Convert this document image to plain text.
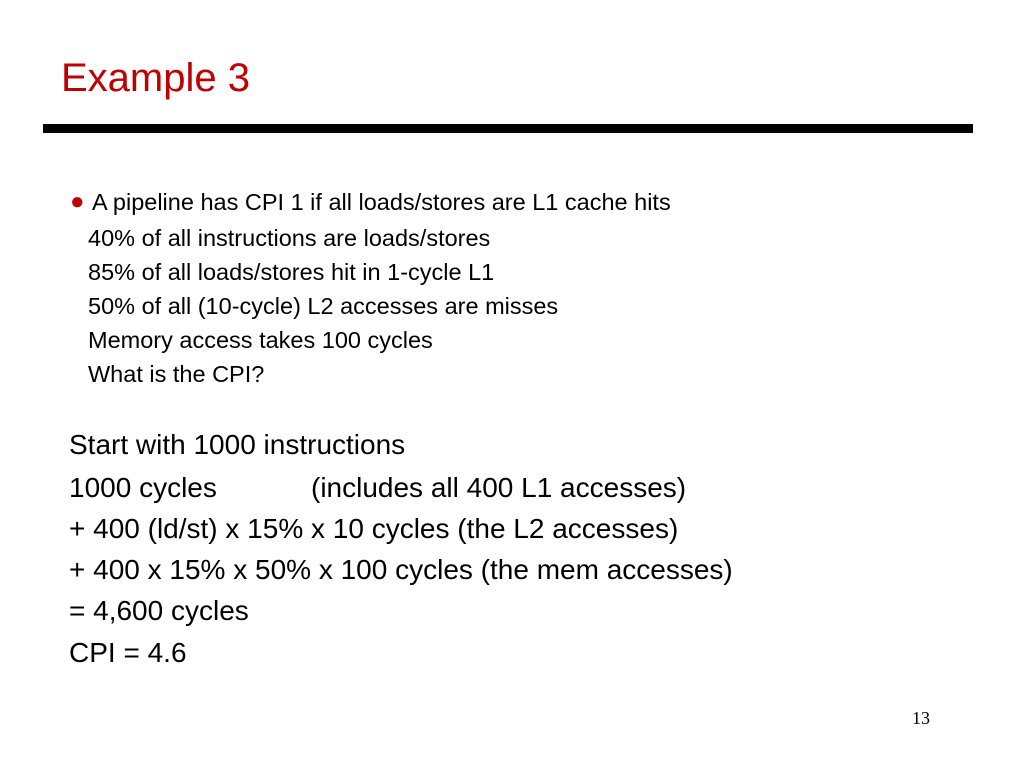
Example 3
● A pipeline has CPI 1 if all loads/stores are L1 cache hits
40% of all instructions are loads/stores
85% of all loads/stores hit in 1-cycle L1
50% of all (10-cycle) L2 accesses are misses
Memory access takes 100 cycles
What is the CPI?
Start with 1000 instructions
1000 cycles	(includes all 400 L1 accesses)
+ 400 (ld/st) x 15% x 10 cycles (the L2 accesses)
+ 400 x 15% x 50% x 100 cycles (the mem accesses)
= 4,600 cycles
CPI = 4.6
13
